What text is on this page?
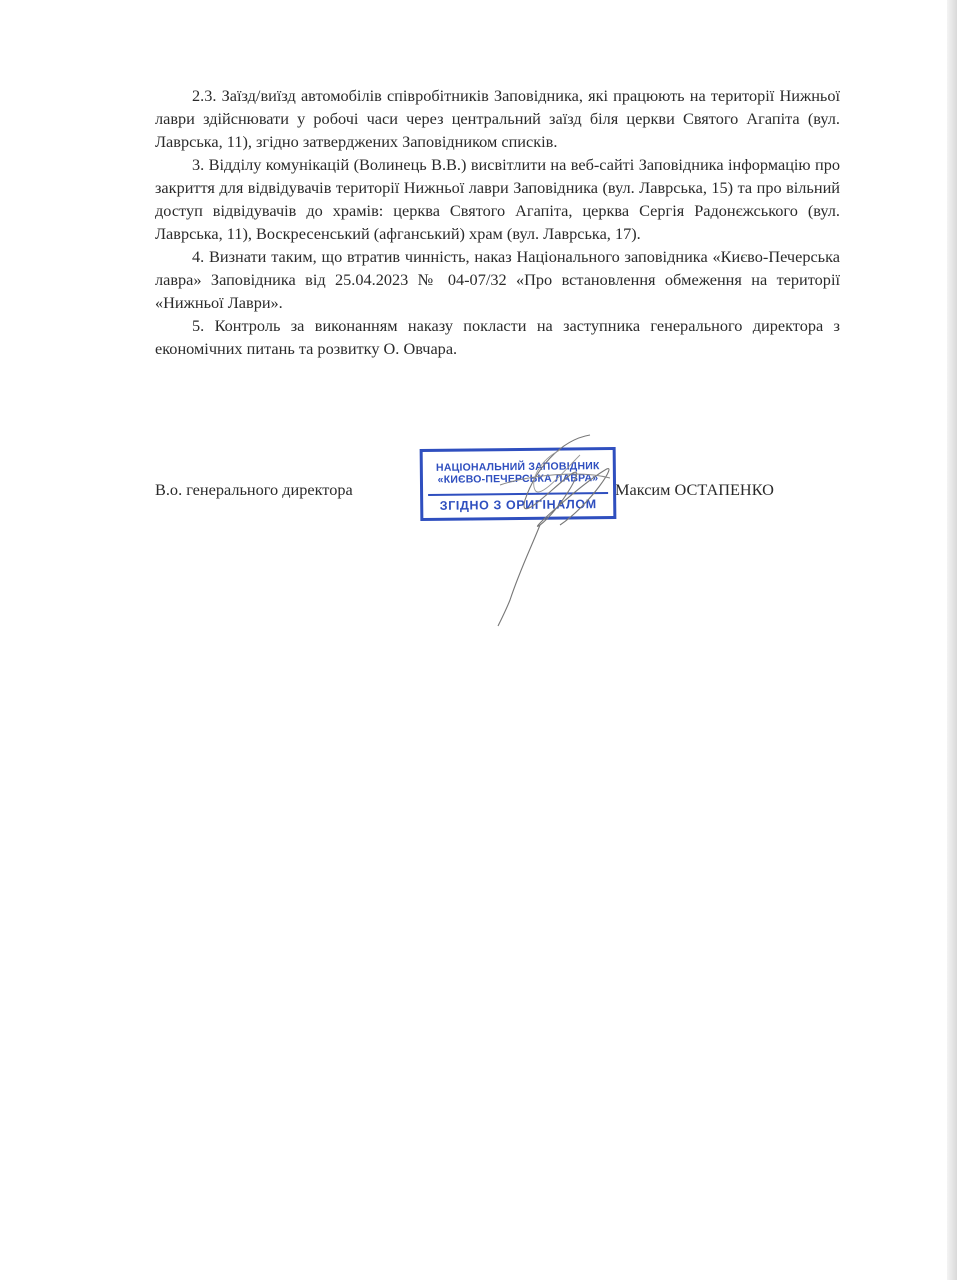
2.3. Заїзд/виїзд автомобілів співробітників Заповідника, які працюють на території Нижньої лаври здійснювати у робочі часи через центральний заїзд біля церкви Святого Агапіта (вул. Лаврська, 11), згідно затверджених Заповідником списків.

3. Відділу комунікацій (Волинець В.В.) висвітлити на веб-сайті Заповідника інформацію про закриття для відвідувачів території Нижньої лаври Заповідника (вул. Лаврська, 15) та про вільний доступ відвідувачів до храмів: церква Святого Агапіта, церква Сергія Радонєжського (вул. Лаврська, 11), Воскресенський (афганський) храм (вул. Лаврська, 17).

4. Визнати таким, що втратив чинність, наказ Національного заповідника «Києво-Печерська лавра» Заповідника від 25.04.2023 № 04-07/32 «Про встановлення обмеження на території «Нижньої Лаври».

5. Контроль за виконанням наказу покласти на заступника генерального директора з економічних питань та розвитку О. Овчара.

В.о. генерального директора	Максим ОСТАПЕНКО
НАЦІОНАЛЬНИЙ ЗАПОВІДНИК
«КИЄВО-ПЕЧЕРСЬКА ЛАВРА»
ЗГІДНО З ОРИГІНАЛОМ
